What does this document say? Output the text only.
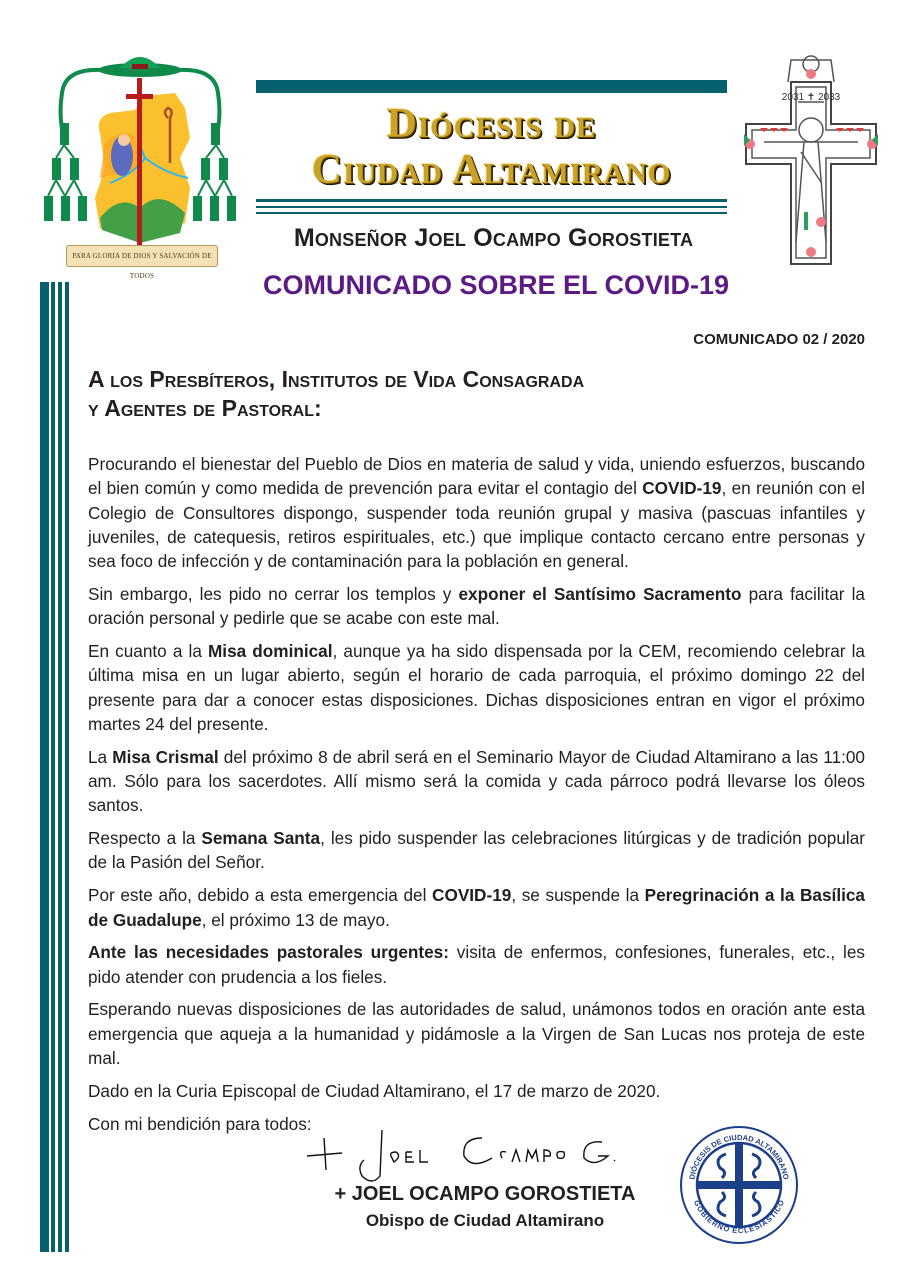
PARA GLORIA DE DIOS Y SALVACIÓN DE TODOS
Diócesis de
Ciudad Altamirano
Monseñor Joel Ocampo Gorostieta
COMUNICADO SOBRE EL COVID-19
2031 ✝ 2033
COMUNICADO 02 / 2020
A los Presbíteros, Institutos de Vida Consagrada
y Agentes de Pastoral:

Procurando el bienestar del Pueblo de Dios en materia de salud y vida, uniendo esfuerzos, buscando el bien común y como medida de prevención para evitar el contagio del COVID-19, en reunión con el Colegio de Consultores dispongo, suspender toda reunión grupal y masiva (pascuas infantiles y juveniles, de catequesis, retiros espirituales, etc.) que implique contacto cercano entre personas y sea foco de infección y de contaminación para la población en general.

Sin embargo, les pido no cerrar los templos y exponer el Santísimo Sacramento para facilitar la oración personal y pedirle que se acabe con este mal.

En cuanto a la Misa dominical, aunque ya ha sido dispensada por la CEM, recomiendo celebrar la última misa en un lugar abierto, según el horario de cada parroquia, el próximo domingo 22 del presente para dar a conocer estas disposiciones. Dichas disposiciones entran en vigor el próximo martes 24 del presente.

La Misa Crismal del próximo 8 de abril será en el Seminario Mayor de Ciudad Altamirano a las 11:00 am. Sólo para los sacerdotes. Allí mismo será la comida y cada párroco podrá llevarse los óleos santos.

Respecto a la Semana Santa, les pido suspender las celebraciones litúrgicas y de tradición popular de la Pasión del Señor.

Por este año, debido a esta emergencia del COVID-19, se suspende la Peregrinación a la Basílica de Guadalupe, el próximo 13 de mayo.

Ante las necesidades pastorales urgentes: visita de enfermos, confesiones, funerales, etc., les pido atender con prudencia a los fieles.

Esperando nuevas disposiciones de las autoridades de salud, unámonos todos en oración ante esta emergencia que aqueja a la humanidad y pidámosle a la Virgen de San Lucas nos proteja de este mal.

Dado en la Curia Episcopal de Ciudad Altamirano, el 17 de marzo de 2020.

Con mi bendición para todos:

+ JOEL OCAMPO GOROSTIETA
Obispo de Ciudad Altamirano
DIÓCESIS DE CIUDAD ALTAMIRANO
GOBIERNO ECLESIÁSTICO
